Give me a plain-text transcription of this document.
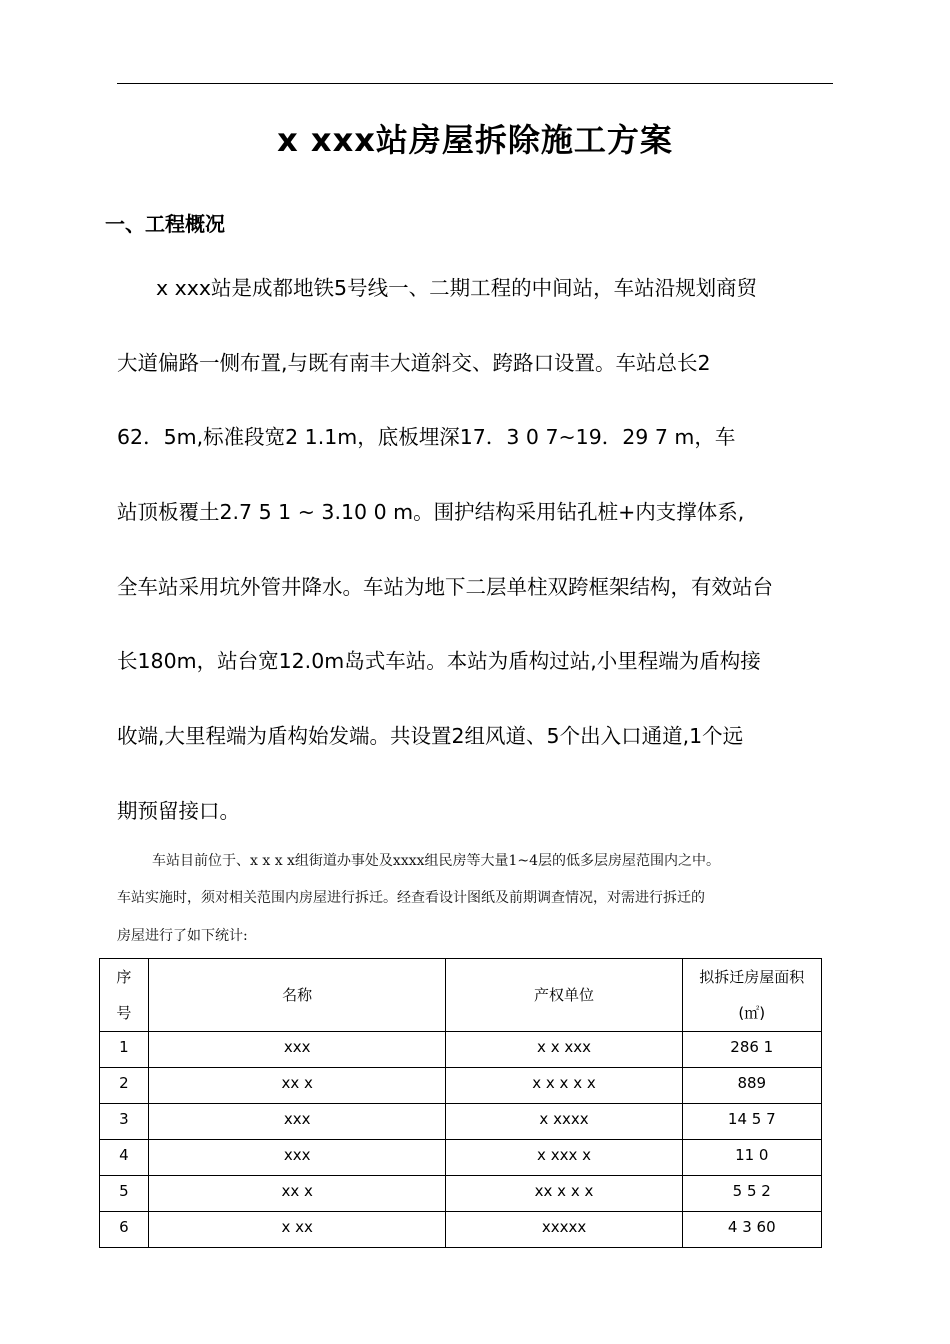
x xxx站房屋拆除施工方案
一、工程概况
x xxx站是成都地铁5号线一、二期工程的中间站，车站沿规划商贸
大道偏路一侧布置,与既有南丰大道斜交、跨路口设置。车站总长2
62．5m,标准段宽2 1.1m，底板埋深17．3 0 7~19．29 7 m，车
站顶板覆土2.7 5 1 ~ 3.10 0 m。围护结构采用钻孔桩+内支撑体系,
全车站采用坑外管井降水。车站为地下二层单柱双跨框架结构，有效站台
长180m，站台宽12.0m岛式车站。本站为盾构过站,小里程端为盾构接
收端,大里程端为盾构始发端。共设置2组风道、5个出入口通道,1个远
期预留接口。
车站目前位于、x x x x组街道办事处及xxxx组民房等大量1~4层的低多层房屋范围内之中。
车站实施时，须对相关范围内房屋进行拆迁。经查看设计图纸及前期调查情况，对需进行拆迁的
房屋进行了如下统计:
序
号	名称	产权单位	拟拆迁房屋面积
(㎡)
1	xxx	x x xxx	286 1
2	xx x	x x x x x	889
3	xxx	x xxxx	14 5 7
4	xxx	x xxx x	11 0
5	xx x	xx x x x	5 5 2
6	x xx	xxxxx	4 3 60
